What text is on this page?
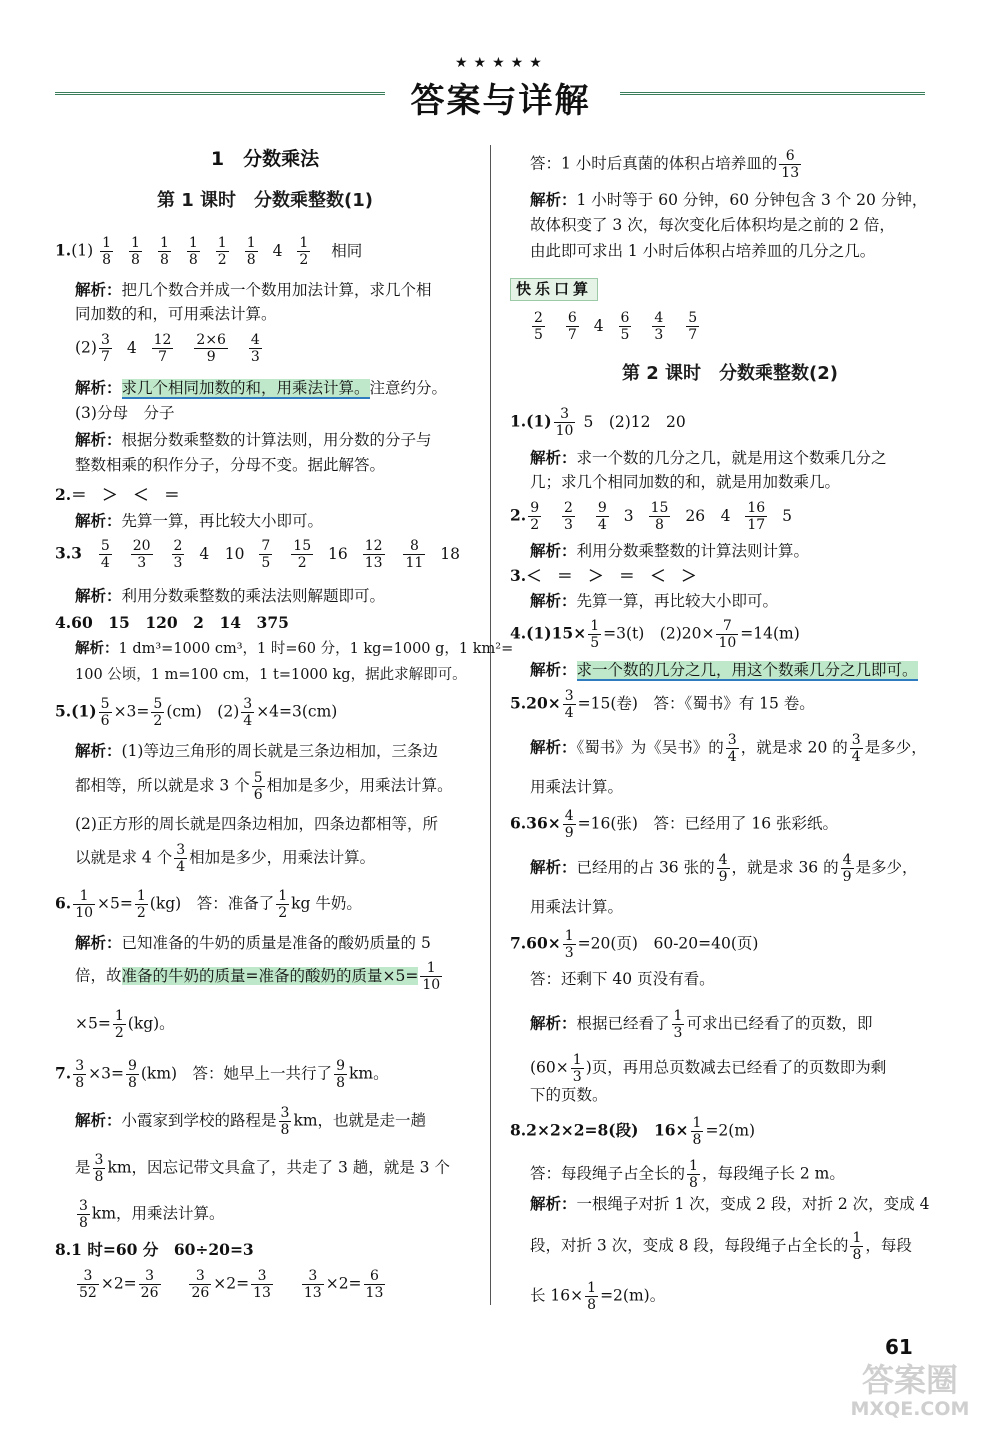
★★★★★
答案与详解
1　分数乘法
第 1 课时　分数乘整数(1)
$1.(1) \frac{1}{8} \frac{1}{8} \frac{1}{8} \frac{1}{8} \frac{1}{2} \frac{1}{8} 4 \frac{1}{2}$ 相同
解析：把几个数合并成一个数用加法计算，求几个相
同加数的和，可用乘法计算。
$(2) \frac{3}{7} 4 \frac{12}{7}$
$\frac{2\times 6}{9}$
$\frac{4}{3}$
解析：求几个相同加数的和，用乘法计算。注意约分。
(3)分母　分子
解析：根据分数乘整数的计算法则，用分数的分子与
整数相乘的积作分子，分母不变。据此解答。
2.＝　＞　＜　＝
解析：先算一算，再比较大小即可。
$3.3 \frac{5}{4}$
$\frac{20}{3}$
$\frac{2}{3} 4$　$10 \frac{7}{5}$
$\frac{15}{2} 16 \frac{12}{13}$
$\frac{8}{11} 18$
解析：利用分数乘整数的乘法法则解题即可。
4.60　15　120　2　14　375
解析：1 dm³=1000 cm³，1 时=60 分，1 kg=1000 g，1 km²=
100 公顷，1 m=100 cm，1 t=1000 kg，据此求解即可。
$5.(1) \frac{5}{6} \times 3= \frac{5}{2} (cm)$　$(2) \frac{3}{4} \times 4=3(cm)$
解析：(1)等边三角形的周长就是三条边相加，三条边
都相等，所以就是求 3 个 $\frac{5}{6}$ 相加是多少，用乘法计算。
(2)正方形的周长就是四条边相加，四条边都相等，所
以就是求 4 个 $\frac{3}{4}$ 相加是多少，用乘法计算。
6. $\frac{1}{10} \times 5= \frac{1}{2} (kg)$　答：准备了 $\frac{1}{2}$ kg 牛奶。
解析：已知准备的牛奶的质量是准备的酸奶质量的 5
倍，故准备的牛奶的质量=准备的酸奶的质量$\times 5= \frac{1}{10}$
$\times 5= \frac{1}{2} (kg)$。
7. $\frac{3}{8} \times 3= \frac{9}{8} (km)$　答：她早上一共行了 $\frac{9}{8}$ km。
解析：小霞家到学校的路程是 $\frac{3}{8}$ km，也就是走一趟
是 $\frac{3}{8}$ km，因忘记带文具盒了，共走了 3 趟，就是 3 个
$\frac{3}{8}$ km，用乘法计算。
8.1 时=60 分　60÷20=3
$\frac{3}{52} \times 2= \frac{3}{26}$
$\frac{3}{26} \times 2= \frac{3}{13}$
$\frac{3}{13} \times 2= \frac{6}{13}$
答：1 小时后真菌的体积占培养皿的 $\frac{6}{13}$
解析：1 小时等于 60 分钟，60 分钟包含 3 个 20 分钟，
故体积变了 3 次，每次变化后体积均是之前的 2 倍，
由此即可求出 1 小时后体积占培养皿的几分之几。
快乐口算
$\frac{2}{5}$
$\frac{6}{7} 4 \frac{6}{5}$
$\frac{4}{3}$
$\frac{5}{7}$
第 2 课时　分数乘整数(2)
$1.(1) \frac{3}{10} 5$　(2)12　20
解析：求一个数的几分之几，就是用这个数乘几分之
几；求几个相同加数的和，就是用加数乘几。
2. $\frac{9}{2}$
$\frac{2}{3}$
$\frac{9}{4} 3 \frac{15}{8} 26$　$4 \frac{16}{17} 5$
解析：利用分数乘整数的计算法则计算。
3.＜　＝　＞　＝　＜　＞
解析：先算一算，再比较大小即可。
$4.(1)15\times \frac{1}{5} =3(t)$　$(2)20\times \frac{7}{10} =14(m)$
解析：求一个数的几分之几，用这个数乘几分之几即可。
$5.20\times \frac{3}{4} =15$(卷)　答：《蜀书》有 15 卷。
解析：《蜀书》为《吴书》的 $\frac{3}{4}$ ，就是求 20 的 $\frac{3}{4}$ 是多少，
用乘法计算。
$6.36\times \frac{4}{9} =16$(张)　答：已经用了 16 张彩纸。
解析：已经用的占 36 张的 $\frac{4}{9}$ ，就是求 36 的 $\frac{4}{9}$ 是多少，
用乘法计算。
$7.60\times \frac{1}{3} =20$(页)　60-20=40(页)
答：还剩下 40 页没有看。
解析：根据已经看了 $\frac{1}{3}$ 可求出已经看了的页数，即
($60\times \frac{1}{3}$ )页，再用总页数减去已经看了的页数即为剩
下的页数。
8.2×2×2=8(段)　$16\times \frac{1}{8} =2(m)$
答：每段绳子占全长的 $\frac{1}{8}$ ，每段绳子长 2 m。
解析：一根绳子对折 1 次，变成 2 段，对折 2 次，变成 4
段，对折 3 次，变成 8 段，每段绳子占全长的 $\frac{1}{8}$ ，每段
长 $16\times \frac{1}{8} =2(m)$。
61
答案圈
MXQE.COM
